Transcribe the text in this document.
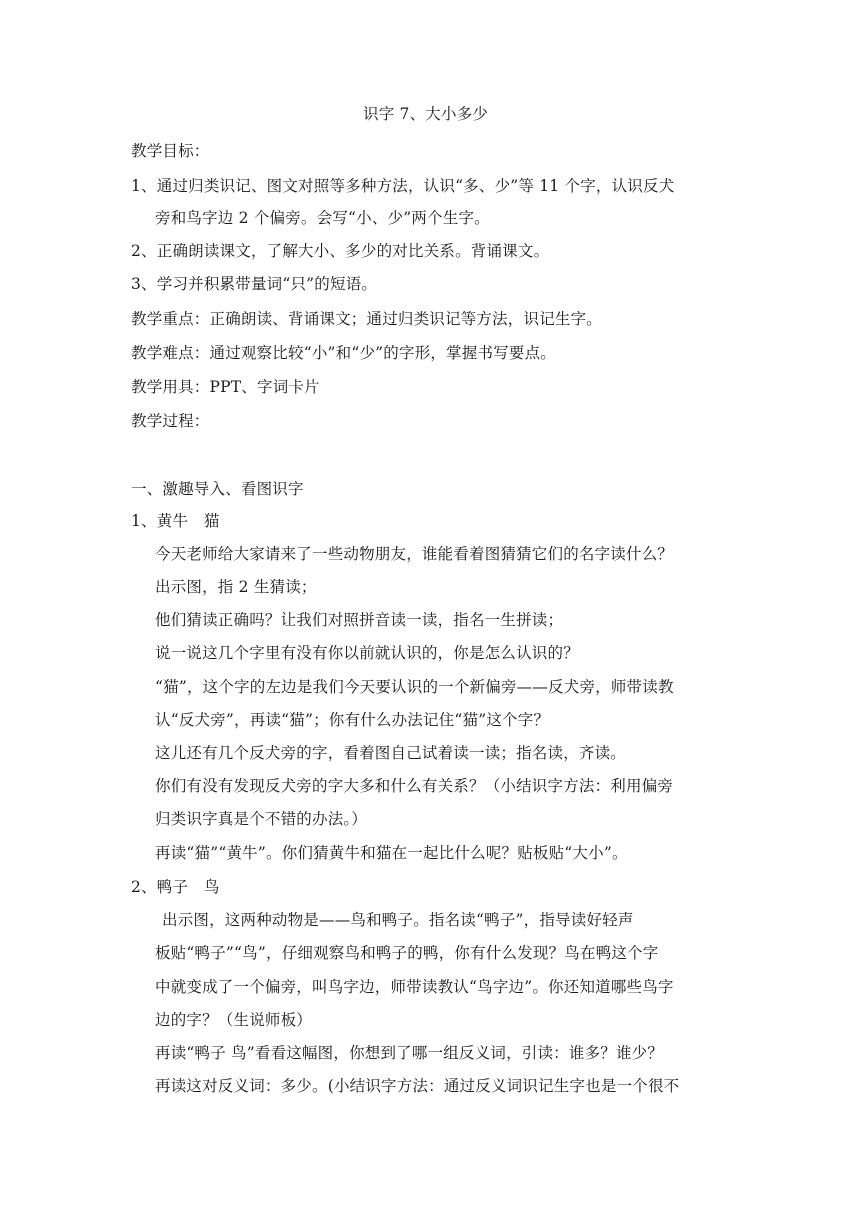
识字 7、大小多少
教学目标：
1、通过归类识记、图文对照等多种方法，认识“多、少”等 11 个字，认识反犬
旁和鸟字边 2 个偏旁。会写“小、少”两个生字。
2、正确朗读课文，了解大小、多少的对比关系。背诵课文。
3、学习并积累带量词“只”的短语。
教学重点：正确朗读、背诵课文；通过归类识记等方法，识记生字。
教学难点：通过观察比较“小”和“少”的字形，掌握书写要点。
教学用具：PPT、字词卡片
教学过程：
一、激趣导入、看图识字
1、黄牛　猫
今天老师给大家请来了一些动物朋友，谁能看着图猜猜它们的名字读什么？
出示图，指 2 生猜读；
他们猜读正确吗？让我们对照拼音读一读，指名一生拼读；
说一说这几个字里有没有你以前就认识的，你是怎么认识的？
“猫”，这个字的左边是我们今天要认识的一个新偏旁——反犬旁，师带读教
认“反犬旁”，再读“猫”；你有什么办法记住“猫”这个字？
这儿还有几个反犬旁的字，看着图自己试着读一读；指名读，齐读。
你们有没有发现反犬旁的字大多和什么有关系？（小结识字方法：利用偏旁
归类识字真是个不错的办法。）
再读“猫”“黄牛”。你们猜黄牛和猫在一起比什么呢？贴板贴“大小”。
2、鸭子　鸟
出示图，这两种动物是——鸟和鸭子。指名读“鸭子”，指导读好轻声
板贴“鸭子”“鸟”，仔细观察鸟和鸭子的鸭，你有什么发现？鸟在鸭这个字
中就变成了一个偏旁，叫鸟字边，师带读教认“鸟字边”。你还知道哪些鸟字
边的字？（生说师板）
再读“鸭子 鸟”看看这幅图，你想到了哪一组反义词，引读：谁多？谁少？
再读这对反义词：多少。(小结识字方法：通过反义词识记生字也是一个很不
